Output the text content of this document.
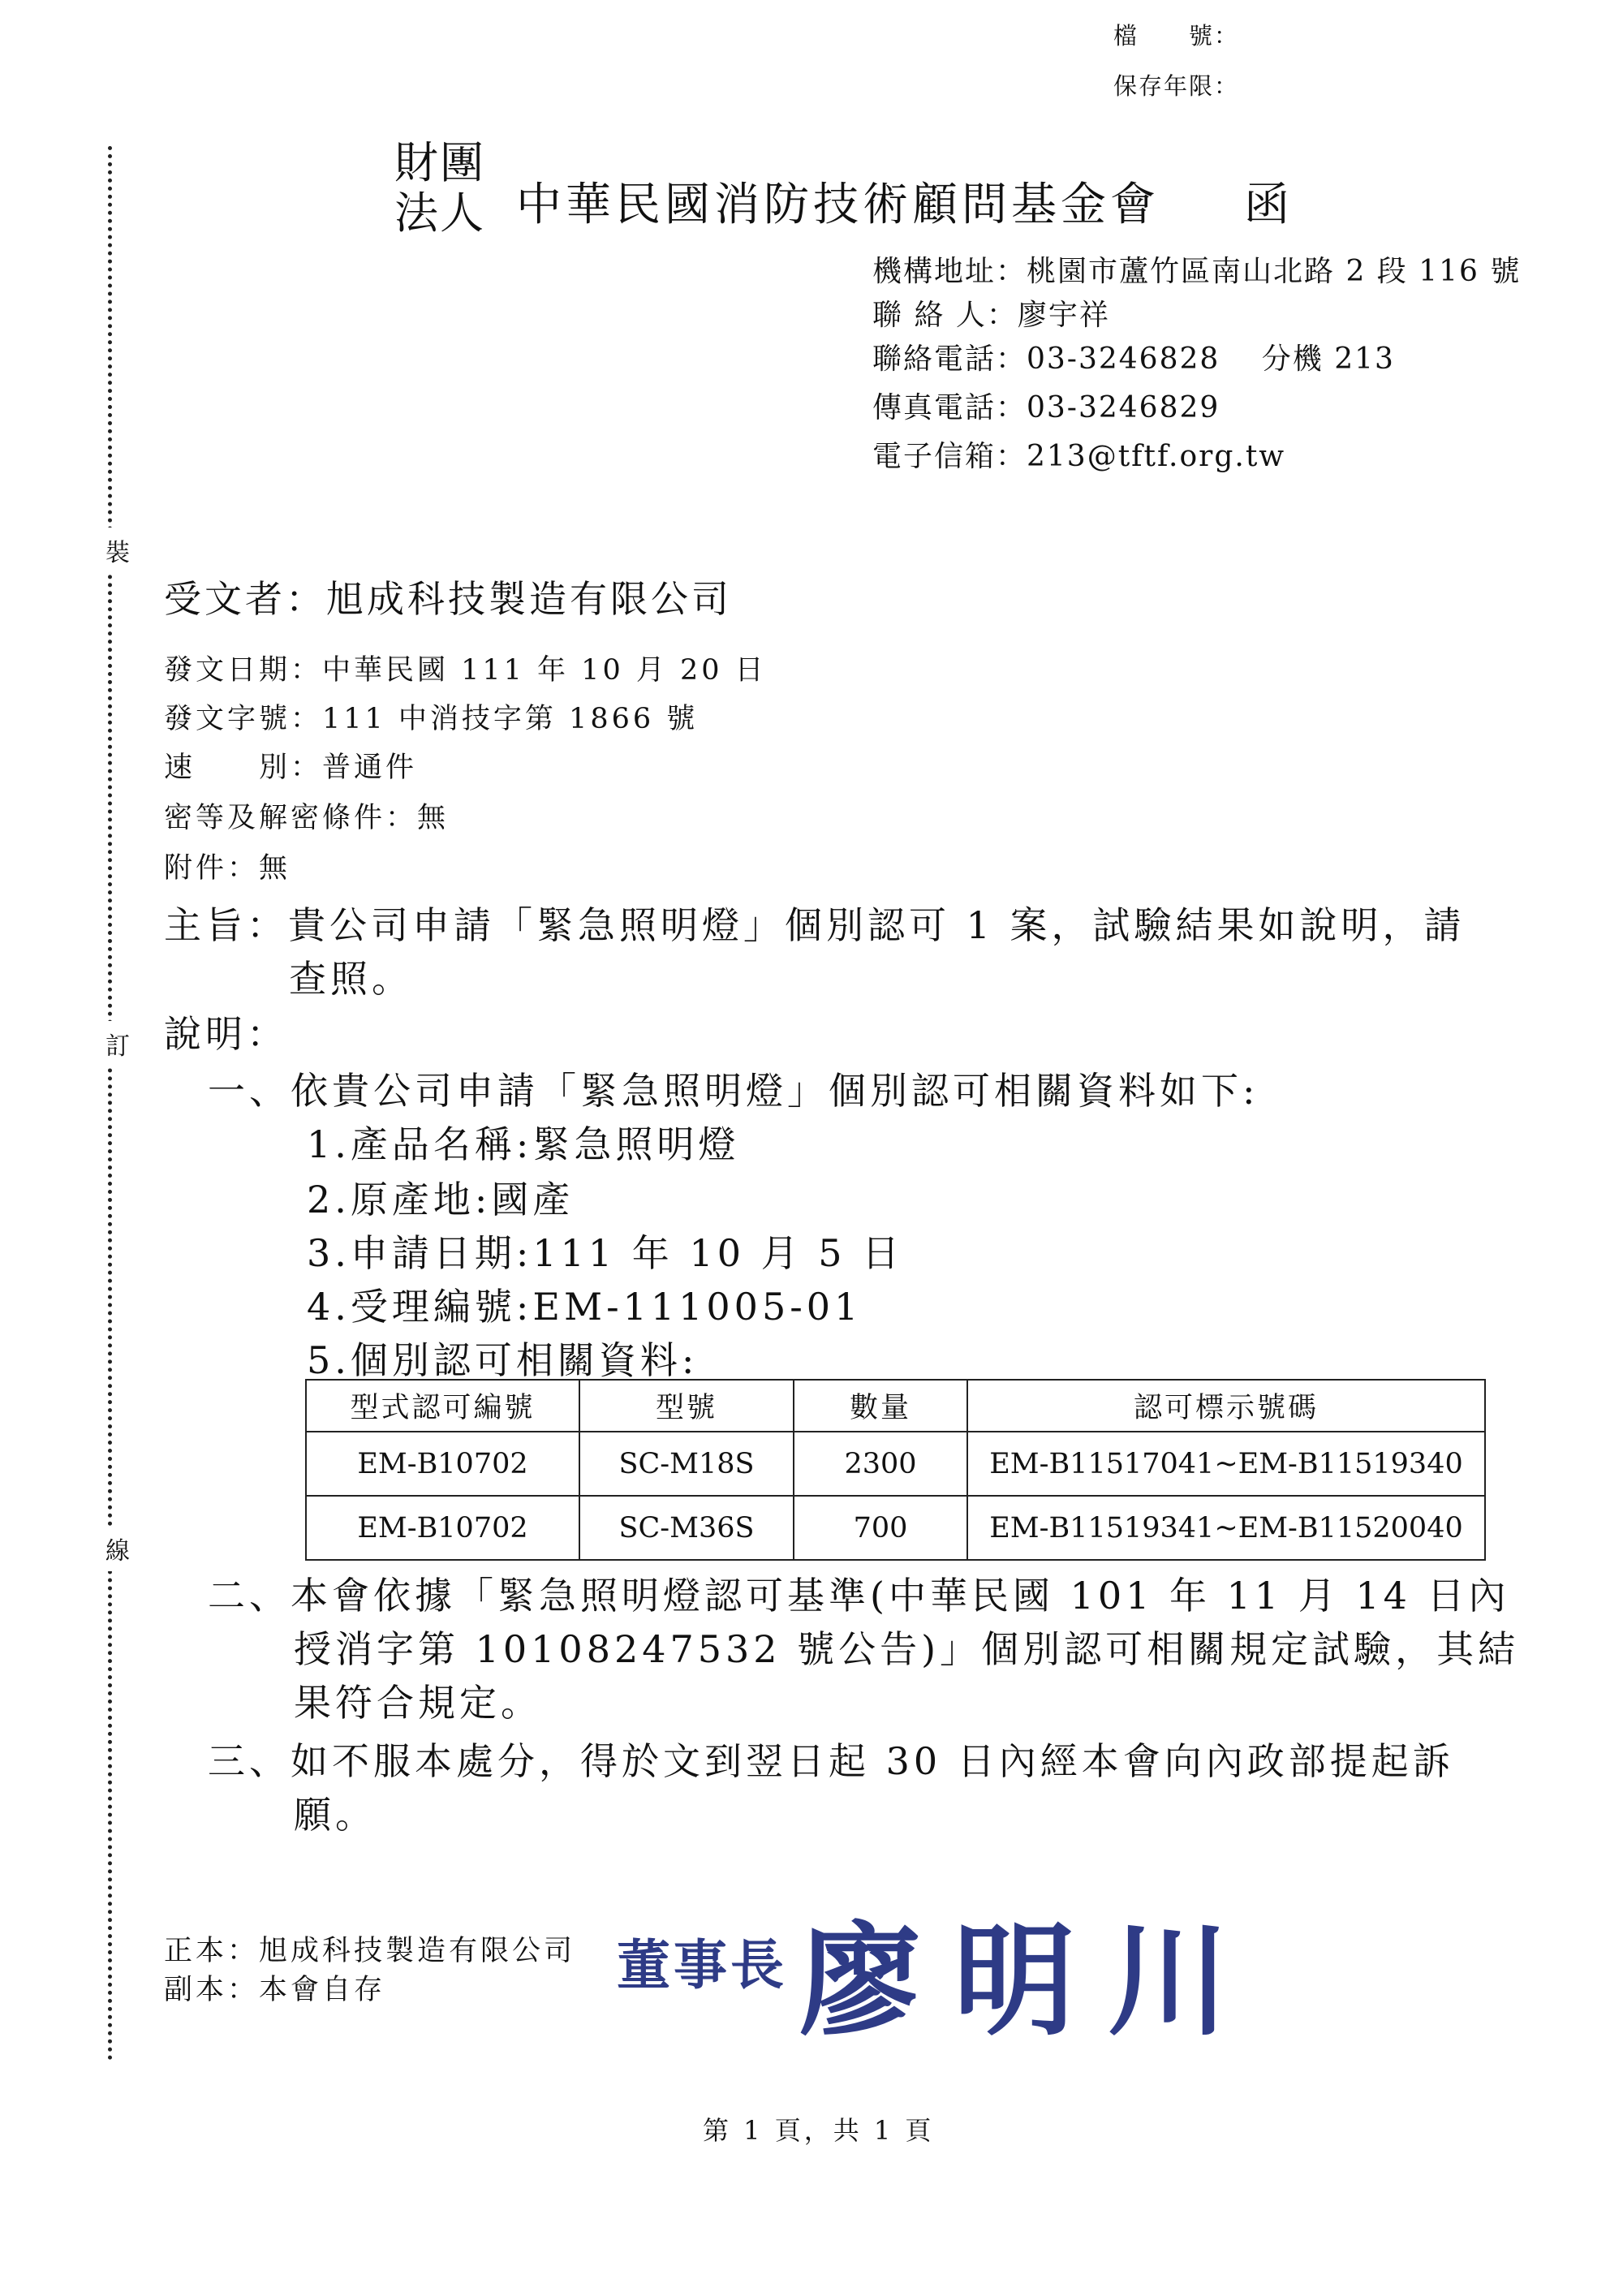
檔　　號：
保存年限：
裝
訂
線
財團
法人 中華民國消防技術顧問基金會 函
機構地址：桃園市蘆竹區南山北路 2 段 116 號
聯 絡 人：廖宇祥
聯絡電話：03-3246828　 分機 213
傳真電話：03-3246829
電子信箱：213@tftf.org.tw
受文者：旭成科技製造有限公司
發文日期：中華民國 111 年 10 月 20 日
發文字號：111 中消技字第 1866 號
速　　別：普通件
密等及解密條件：無
附件：無
主旨：貴公司申請「緊急照明燈」個別認可 1 案，試驗結果如說明，請
查照。
說明：
一、依貴公司申請「緊急照明燈」個別認可相關資料如下:
1.產品名稱:緊急照明燈
2.原產地:國產
3.申請日期:111 年 10 月 5 日
4.受理編號:EM-111005-01
5.個別認可相關資料:
型式認可編號	型號	數量	認可標示號碼
EM-B10702	SC-M18S	2300	EM-B11517041~EM-B11519340
EM-B10702	SC-M36S	700	EM-B11519341~EM-B11520040
二、本會依據「緊急照明燈認可基準(中華民國 101 年 11 月 14 日內
授消字第 10108247532 號公告)」個別認可相關規定試驗，其結
果符合規定。
三、如不服本處分，得於文到翌日起 30 日內經本會向內政部提起訴
願。
正本：旭成科技製造有限公司
副本：本會自存	董事長 廖明川
第 1 頁，共 1 頁
